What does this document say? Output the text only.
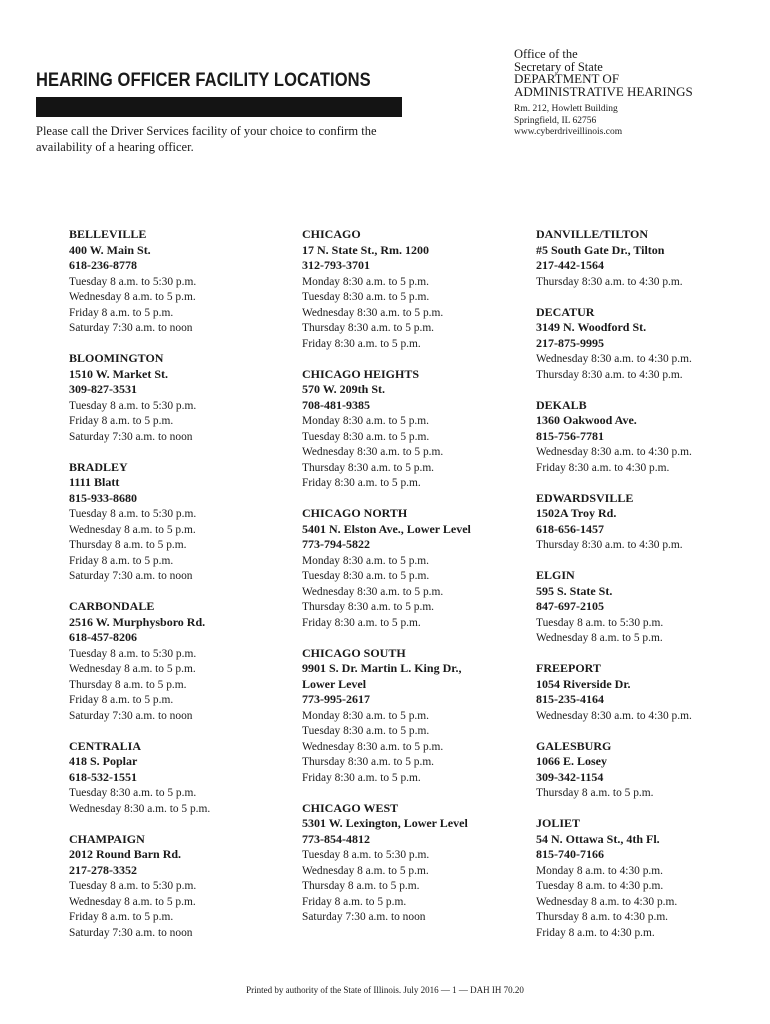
HEARING OFFICER FACILITY LOCATIONS

Please call the Driver Services facility of your choice to confirm the availability of a hearing officer.

Office of the
Secretary of State
DEPARTMENT OF
ADMINISTRATIVE HEARINGS
Rm. 212, Howlett Building
Springfield, IL 62756
www.cyberdriveillinois.com
BELLEVILLE
400 W. Main St.
618-236-8778
Tuesday 8 a.m. to 5:30 p.m.
Wednesday 8 a.m. to 5 p.m.
Friday 8 a.m. to 5 p.m.
Saturday 7:30 a.m. to noon
BLOOMINGTON
1510 W. Market St.
309-827-3531
Tuesday 8 a.m. to 5:30 p.m.
Friday 8 a.m. to 5 p.m.
Saturday 7:30 a.m. to noon
BRADLEY
1111 Blatt
815-933-8680
Tuesday 8 a.m. to 5:30 p.m.
Wednesday 8 a.m. to 5 p.m.
Thursday 8 a.m. to 5 p.m.
Friday 8 a.m. to 5 p.m.
Saturday 7:30 a.m. to noon
CARBONDALE
2516 W. Murphysboro Rd.
618-457-8206
Tuesday 8 a.m. to 5:30 p.m.
Wednesday 8 a.m. to 5 p.m.
Thursday 8 a.m. to 5 p.m.
Friday 8 a.m. to 5 p.m.
Saturday 7:30 a.m. to noon
CENTRALIA
418 S. Poplar
618-532-1551
Tuesday 8:30 a.m. to 5 p.m.
Wednesday 8:30 a.m. to 5 p.m.
CHAMPAIGN
2012 Round Barn Rd.
217-278-3352
Tuesday 8 a.m. to 5:30 p.m.
Wednesday 8 a.m. to 5 p.m.
Friday 8 a.m. to 5 p.m.
Saturday 7:30 a.m. to noon
CHICAGO
17 N. State St., Rm. 1200
312-793-3701
Monday 8:30 a.m. to 5 p.m.
Tuesday 8:30 a.m. to 5 p.m.
Wednesday 8:30 a.m. to 5 p.m.
Thursday 8:30 a.m. to 5 p.m.
Friday 8:30 a.m. to 5 p.m.
CHICAGO HEIGHTS
570 W. 209th St.
708-481-9385
Monday 8:30 a.m. to 5 p.m.
Tuesday 8:30 a.m. to 5 p.m.
Wednesday 8:30 a.m. to 5 p.m.
Thursday 8:30 a.m. to 5 p.m.
Friday 8:30 a.m. to 5 p.m.
CHICAGO NORTH
5401 N. Elston Ave., Lower Level
773-794-5822
Monday 8:30 a.m. to 5 p.m.
Tuesday 8:30 a.m. to 5 p.m.
Wednesday 8:30 a.m. to 5 p.m.
Thursday 8:30 a.m. to 5 p.m.
Friday 8:30 a.m. to 5 p.m.
CHICAGO SOUTH
9901 S. Dr. Martin L. King Dr.,
Lower Level
773-995-2617
Monday 8:30 a.m. to 5 p.m.
Tuesday 8:30 a.m. to 5 p.m.
Wednesday 8:30 a.m. to 5 p.m.
Thursday 8:30 a.m. to 5 p.m.
Friday 8:30 a.m. to 5 p.m.
CHICAGO WEST
5301 W. Lexington, Lower Level
773-854-4812
Tuesday 8 a.m. to 5:30 p.m.
Wednesday 8 a.m. to 5 p.m.
Thursday 8 a.m. to 5 p.m.
Friday 8 a.m. to 5 p.m.
Saturday 7:30 a.m. to noon
DANVILLE/TILTON
#5 South Gate Dr., Tilton
217-442-1564
Thursday 8:30 a.m. to 4:30 p.m.
DECATUR
3149 N. Woodford St.
217-875-9995
Wednesday 8:30 a.m. to 4:30 p.m.
Thursday 8:30 a.m. to 4:30 p.m.
DEKALB
1360 Oakwood Ave.
815-756-7781
Wednesday 8:30 a.m. to 4:30 p.m.
Friday 8:30 a.m. to 4:30 p.m.
EDWARDSVILLE
1502A Troy Rd.
618-656-1457
Thursday 8:30 a.m. to 4:30 p.m.
ELGIN
595 S. State St.
847-697-2105
Tuesday 8 a.m. to 5:30 p.m.
Wednesday 8 a.m. to 5 p.m.
FREEPORT
1054 Riverside Dr.
815-235-4164
Wednesday 8:30 a.m. to 4:30 p.m.
GALESBURG
1066 E. Losey
309-342-1154
Thursday 8 a.m. to 5 p.m.
JOLIET
54 N. Ottawa St., 4th Fl.
815-740-7166
Monday 8 a.m. to 4:30 p.m.
Tuesday 8 a.m. to 4:30 p.m.
Wednesday 8 a.m. to 4:30 p.m.
Thursday 8 a.m. to 4:30 p.m.
Friday 8 a.m. to 4:30 p.m.
Printed by authority of the State of Illinois. July 2016 — 1 — DAH IH 70.20
